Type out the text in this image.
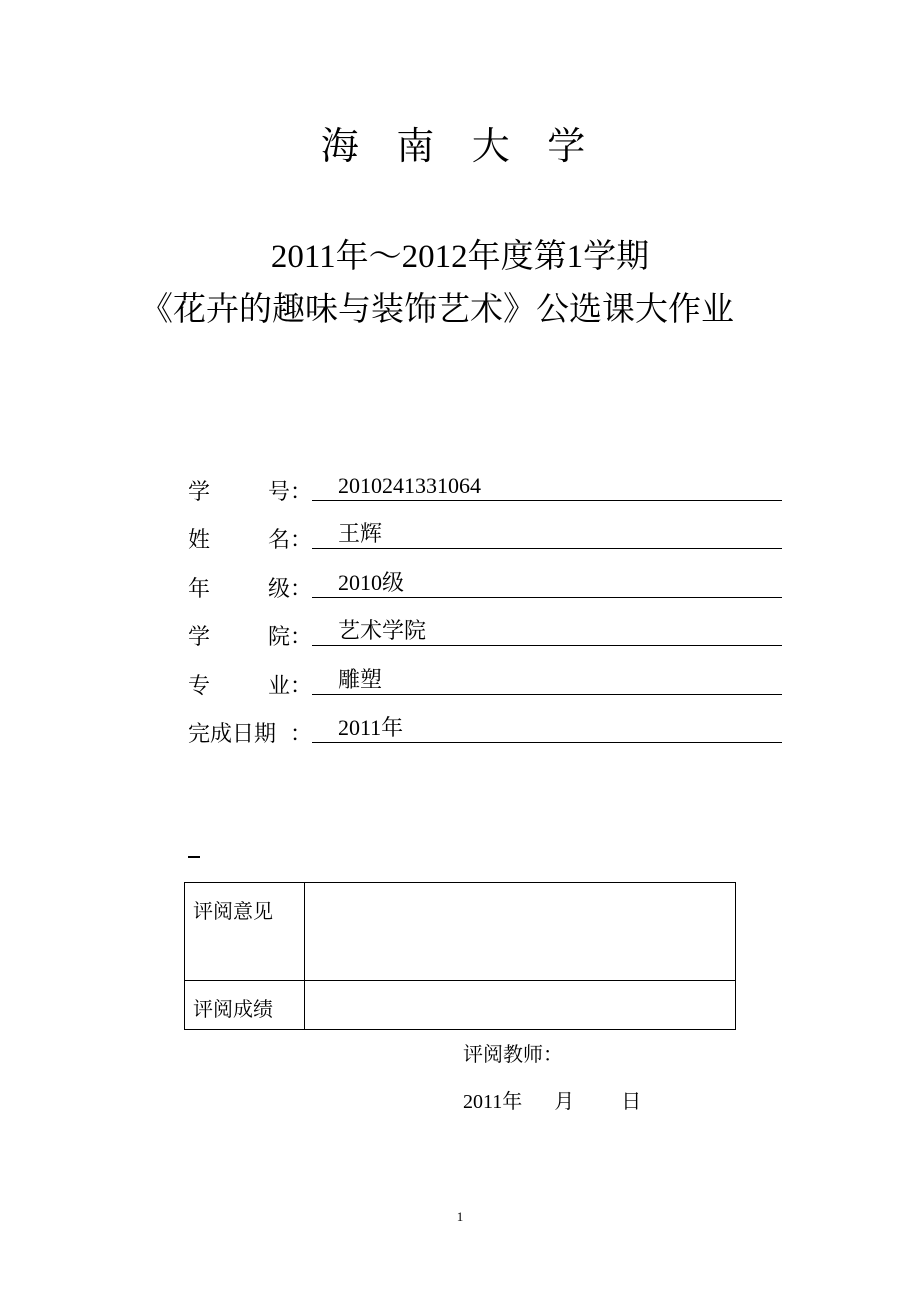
海 南 大 学
2011年～2012年度第1学期
《花卉的趣味与装饰艺术》公选课大作业
学	号：	2010241331064
姓	名：	王辉
年	级：	2010级
学	院：	艺术学院
专	业：	雕塑
完成日期 ：	2011年
评阅意见	
评阅成绩	
评阅教师：
2011年 月 日
1
